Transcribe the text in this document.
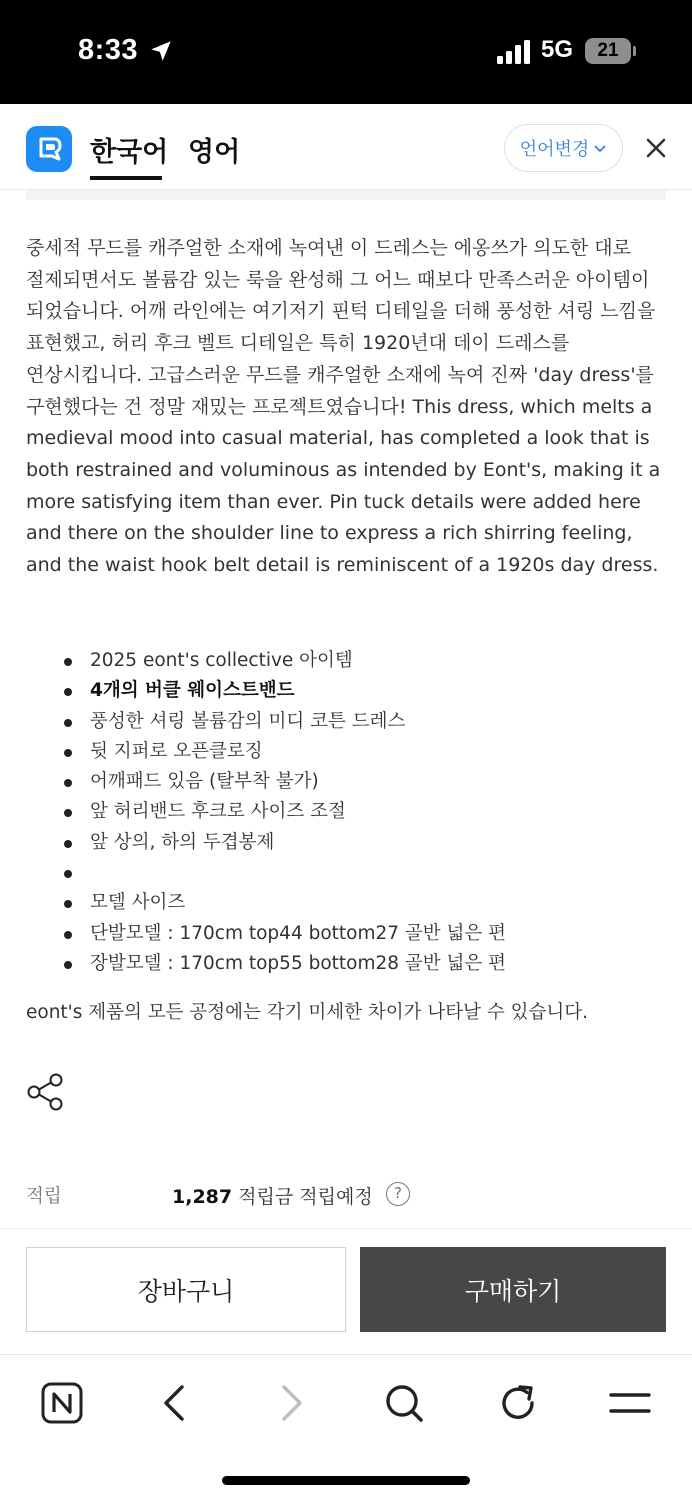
8:33	5G	21
한국어 영어	언어변경

중세적 무드를 캐주얼한 소재에 녹여낸 이 드레스는 에옹쓰가 의도한 대로 절제되면서도 볼륨감 있는 룩을 완성해 그 어느 때보다 만족스러운 아이템이 되었습니다. 어깨 라인에는 여기저기 핀턱 디테일을 더해 풍성한 셔링 느낌을 표현했고, 허리 후크 벨트 디테일은 특히 1920년대 데이 드레스를 연상시킵니다. 고급스러운 무드를 캐주얼한 소재에 녹여 진짜 'day dress'를 구현했다는 건 정말 재밌는 프로젝트였습니다! This dress, which melts a medieval mood into casual material, has completed a look that is both restrained and voluminous as intended by Eont's, making it a more satisfying item than ever. Pin tuck details were added here and there on the shoulder line to express a rich shirring feeling, and the waist hook belt detail is reminiscent of a 1920s day dress.

2025 eont's collective 아이템
4개의 버클 웨이스트밴드
풍성한 셔링 볼륨감의 미디 코튼 드레스
뒷 지퍼로 오픈클로징
어깨패드 있음 (탈부착 불가)
앞 허리밴드 후크로 사이즈 조절
앞 상의, 하의 두겹봉제
모델 사이즈
단발모델 : 170cm top44 bottom27 골반 넓은 편
장발모델 : 170cm top55 bottom28 골반 넓은 편

eont's 제품의 모든 공정에는 각기 미세한 차이가 나타날 수 있습니다.

적립	1,287 적립금 적립예정	?
장바구니	구매하기
